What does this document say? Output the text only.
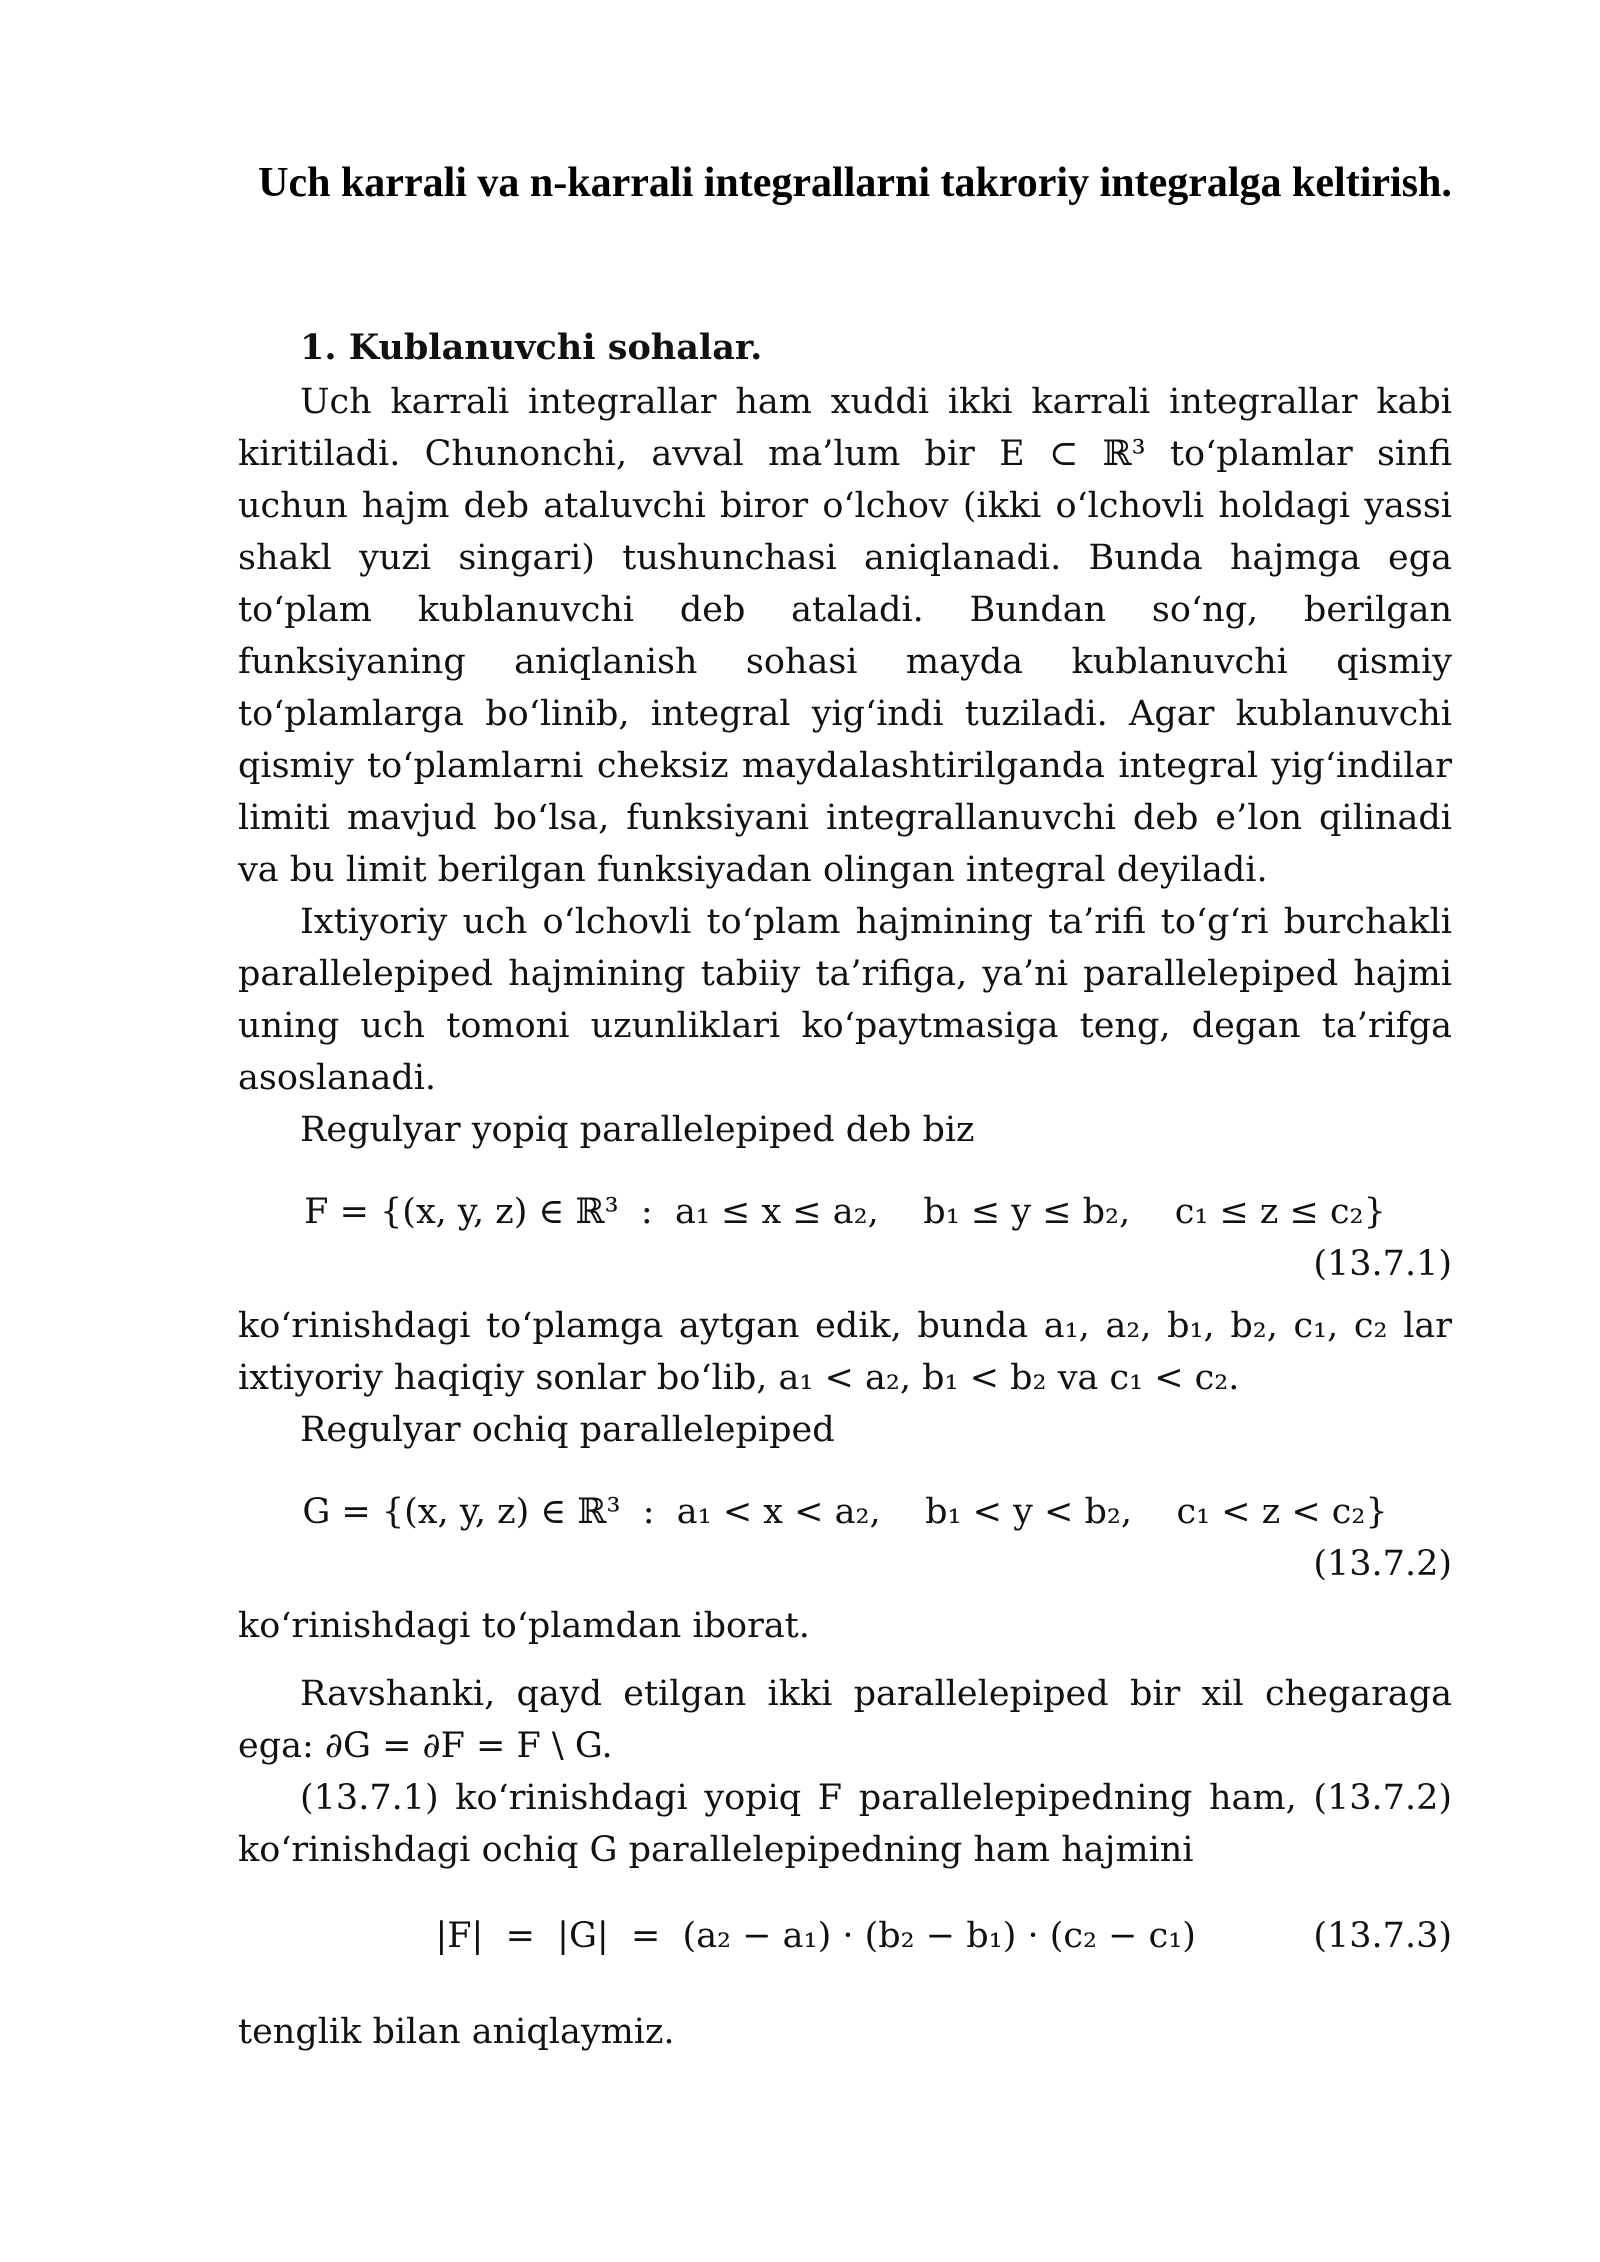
Uch karrali va n-karrali integrallarni takroriy integralga keltirish.
1. Kublanuvchi sohalar.

Uch karrali integrallar ham xuddi ikki karrali integrallar kabi kiritiladi. Chunonchi, avval ma’lum bir E ⊂ ℝ³ to‘plamlar sinfi uchun hajm deb ataluvchi biror o‘lchov (ikki o‘lchovli holdagi yassi shakl yuzi singari) tushunchasi aniqlanadi. Bunda hajmga ega to‘plam kublanuvchi deb ataladi. Bundan so‘ng, berilgan funksiyaning aniqlanish sohasi mayda kublanuvchi qismiy to‘plamlarga bo‘linib, integral yig‘indi tuziladi. Agar kublanuvchi qismiy to‘plamlarni cheksiz maydalashtirilganda integral yig‘indilar limiti mavjud bo‘lsa, funksiyani integrallanuvchi deb e’lon qilinadi va bu limit berilgan funksiyadan olingan integral deyiladi.

Ixtiyoriy uch o‘lchovli to‘plam hajmining ta’rifi to‘g‘ri burchakli parallelepiped hajmining tabiiy ta’rifiga, ya’ni parallelepiped hajmi uning uch tomoni uzunliklari ko‘paytmasiga teng, degan ta’rifga asoslanadi.

Regulyar yopiq parallelepiped deb biz

F = {(x, y, z) ∈ ℝ³  :  a₁ ≤ x ≤ a₂,    b₁ ≤ y ≤ b₂,    c₁ ≤ z ≤ c₂}
(13.7.1)

ko‘rinishdagi to‘plamga aytgan edik, bunda a₁, a₂, b₁, b₂, c₁, c₂ lar ixtiyoriy haqiqiy sonlar bo‘lib, a₁ < a₂, b₁ < b₂ va c₁ < c₂.

Regulyar ochiq parallelepiped

G = {(x, y, z) ∈ ℝ³  :  a₁ < x < a₂,    b₁ < y < b₂,    c₁ < z < c₂}
(13.7.2)

ko‘rinishdagi to‘plamdan iborat.

Ravshanki, qayd etilgan ikki parallelepiped bir xil chegaraga ega: ∂G = ∂F = F \ G.

(13.7.1) ko‘rinishdagi yopiq F parallelepipedning ham, (13.7.2) ko‘rinishdagi ochiq G parallelepipedning ham hajmini

|F|  =  |G|  =  (a₂ − a₁) · (b₂ − b₁) · (c₂ − c₁)	(13.7.3)

tenglik bilan aniqlaymiz.
